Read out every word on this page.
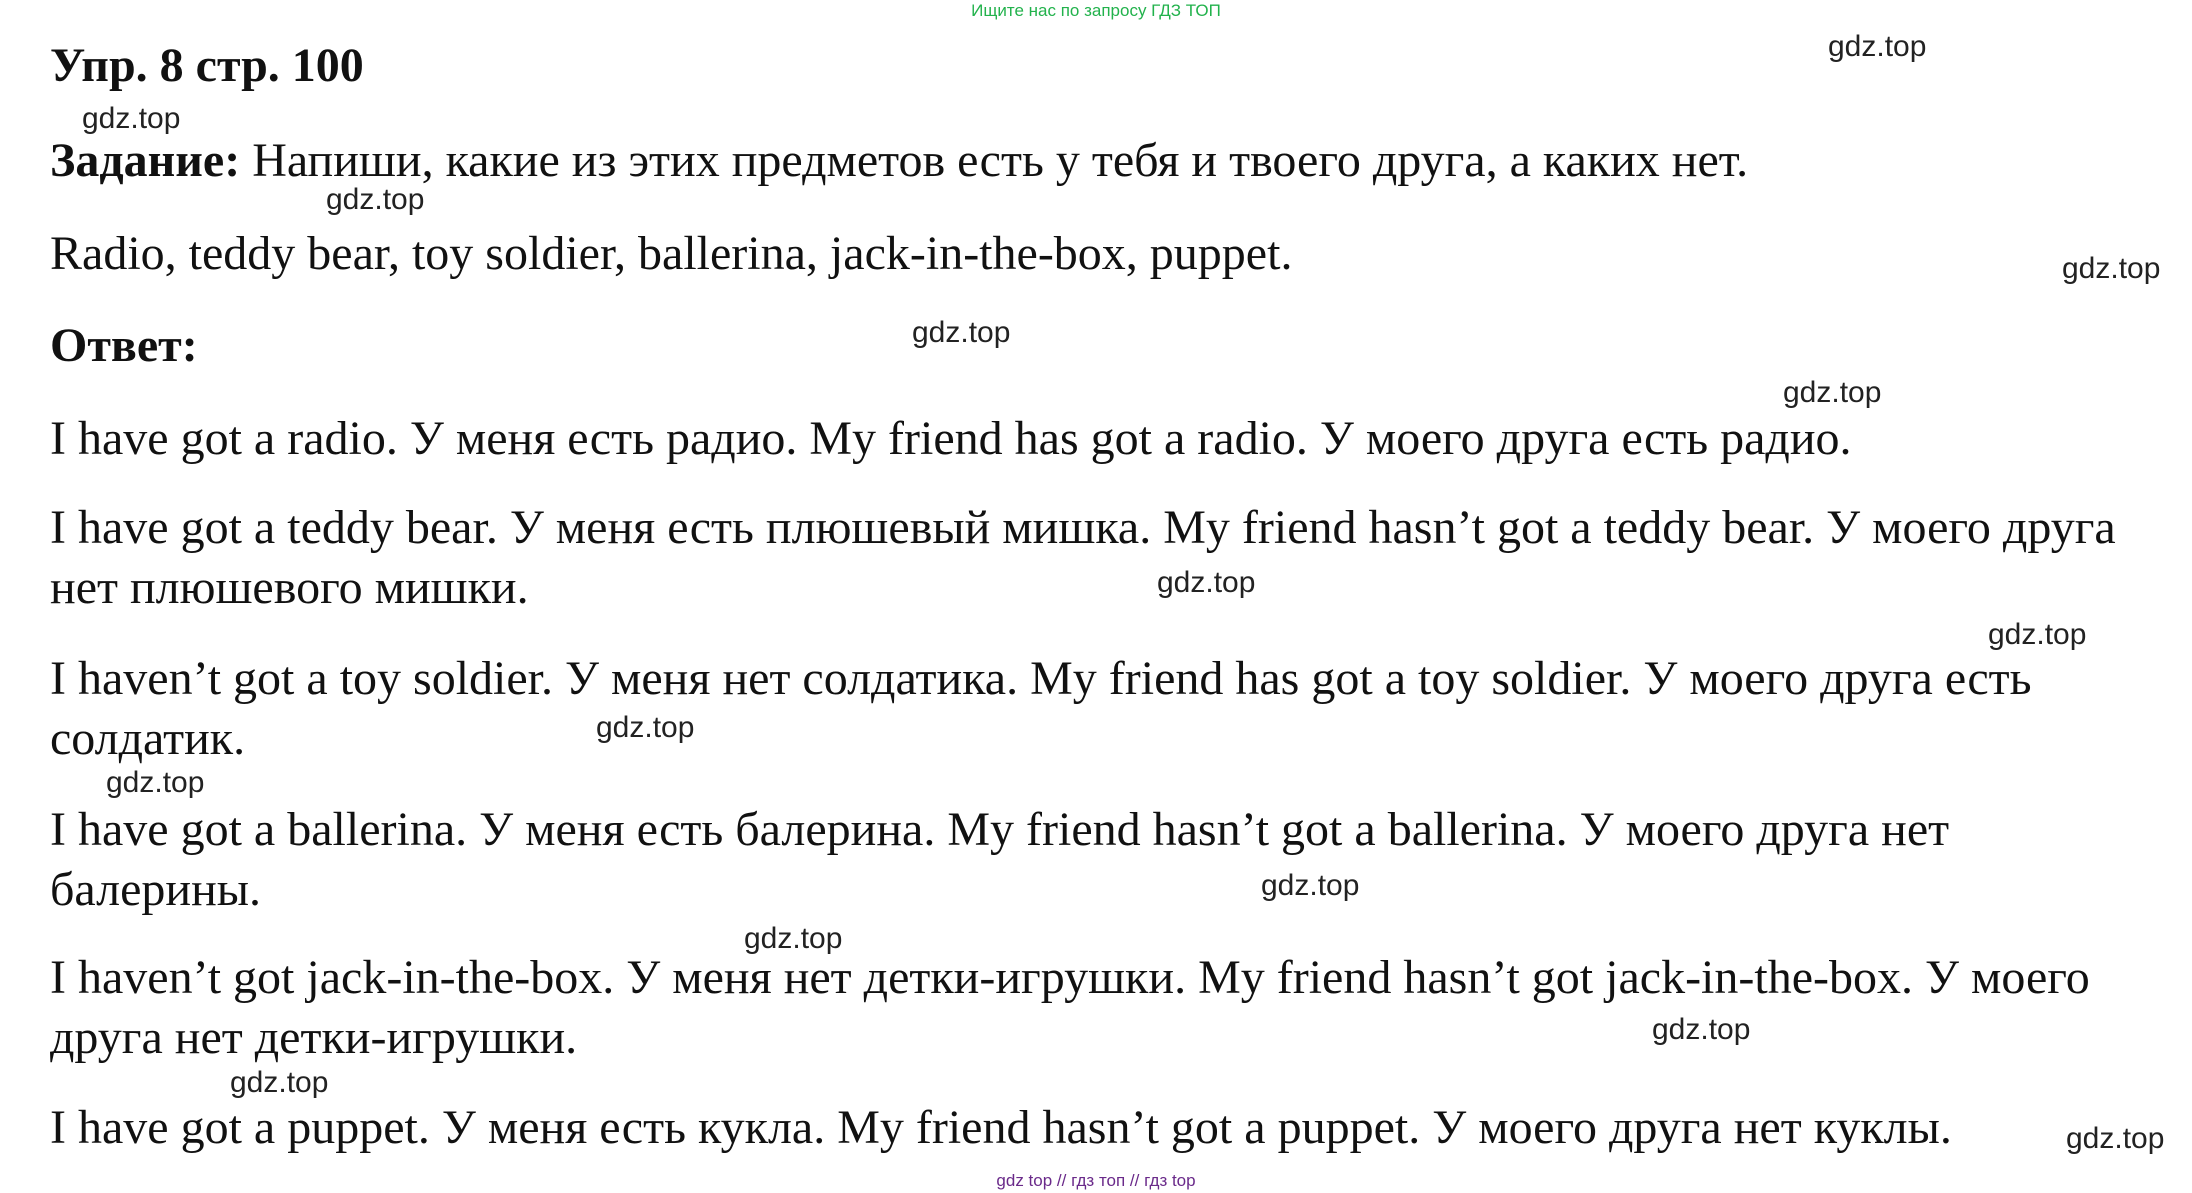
Ищите нас по запросу ГДЗ ТОП
Упр. 8 стр. 100
Задание: Напиши, какие из этих предметов есть у тебя и твоего друга, а каких нет.
Radio, teddy bear, toy soldier, ballerina, jack-in-the-box, puppet.
Ответ:
I have got a radio. У меня есть радио. My friend has got a radio. У моего друга есть радио.
I have got a teddy bear. У меня есть плюшевый мишка. My friend hasn’t got a teddy bear. У моего друга нет плюшевого мишки.
I haven’t got a toy soldier. У меня нет солдатика. My friend has got a toy soldier. У моего друга есть солдатик.
I have got a ballerina. У меня есть балерина. My friend hasn’t got a ballerina. У моего друга нет балерины.
I haven’t got jack-in-the-box. У меня нет детки-игрушки. My friend hasn’t got jack-in-the-box. У моего друга нет детки-игрушки.
I have got a puppet. У меня есть кукла. My friend hasn’t got a puppet. У моего друга нет куклы.
gdz.top
gdz.top
gdz.top
gdz.top
gdz.top
gdz.top
gdz.top
gdz.top
gdz.top
gdz.top
gdz.top
gdz.top
gdz.top
gdz.top
gdz.top
gdz top // гдз топ // гдз top
